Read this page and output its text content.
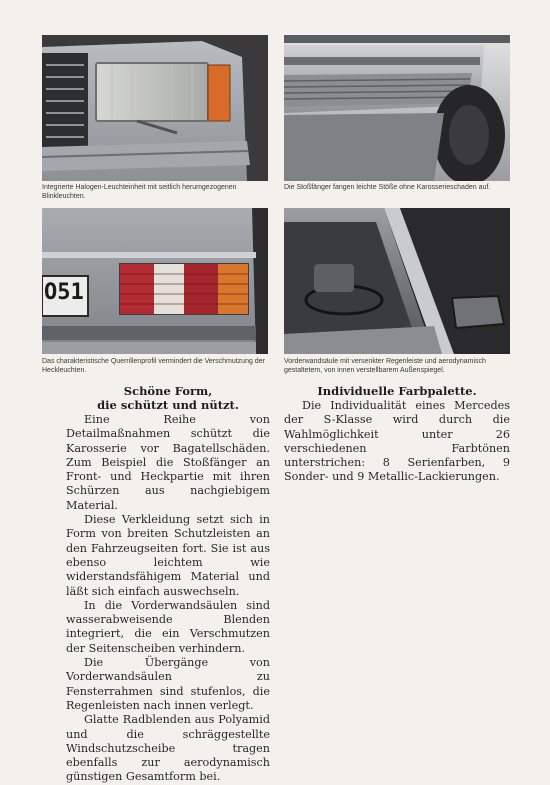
Integrierte Halogen-Leuchteinheit mit seitlich herumgezogenen Blinkleuchten.

Die Stoßfänger fangen leichte Stöße ohne Karosserieschaden auf.

O51

Das charakteristische Querrillenprofil vermindert die Verschmutzung der Heckleuchten.

Vorderwandsäule mit versenkter Regenleiste und aerodynamisch gestaltetem, von innen verstellbarem Außenspiegel.

Schöne Form,
die schützt und nützt.

Eine Reihe von Detailmaßnahmen schützt die Karosserie vor Bagatellschäden. Zum Beispiel die Stoßfänger an Front- und Heckpartie mit ihren Schürzen aus nachgiebigem Material.

Diese Verkleidung setzt sich in Form von breiten Schutzleisten an den Fahrzeugseiten fort. Sie ist aus ebenso leichtem wie widerstandsfähigem Material und läßt sich einfach auswechseln.

In die Vorderwandsäulen sind wasserabweisende Blenden integriert, die ein Verschmutzen der Seitenscheiben verhindern.

Die Übergänge von Vorderwandsäulen zu Fensterrahmen sind stufenlos, die Regenleisten nach innen verlegt.

Glatte Radblenden aus Polyamid und die schräggestellte Windschutzscheibe tragen ebenfalls zur aerodynamisch günstigen Gesamtform bei.

Individuelle Farbpalette.

Die Individualität eines Mercedes der S-Klasse wird durch die Wahlmöglichkeit unter 26 verschiedenen Farbtönen unterstrichen: 8 Serienfarben, 9 Sonder- und 9 Metallic-Lackierungen.
